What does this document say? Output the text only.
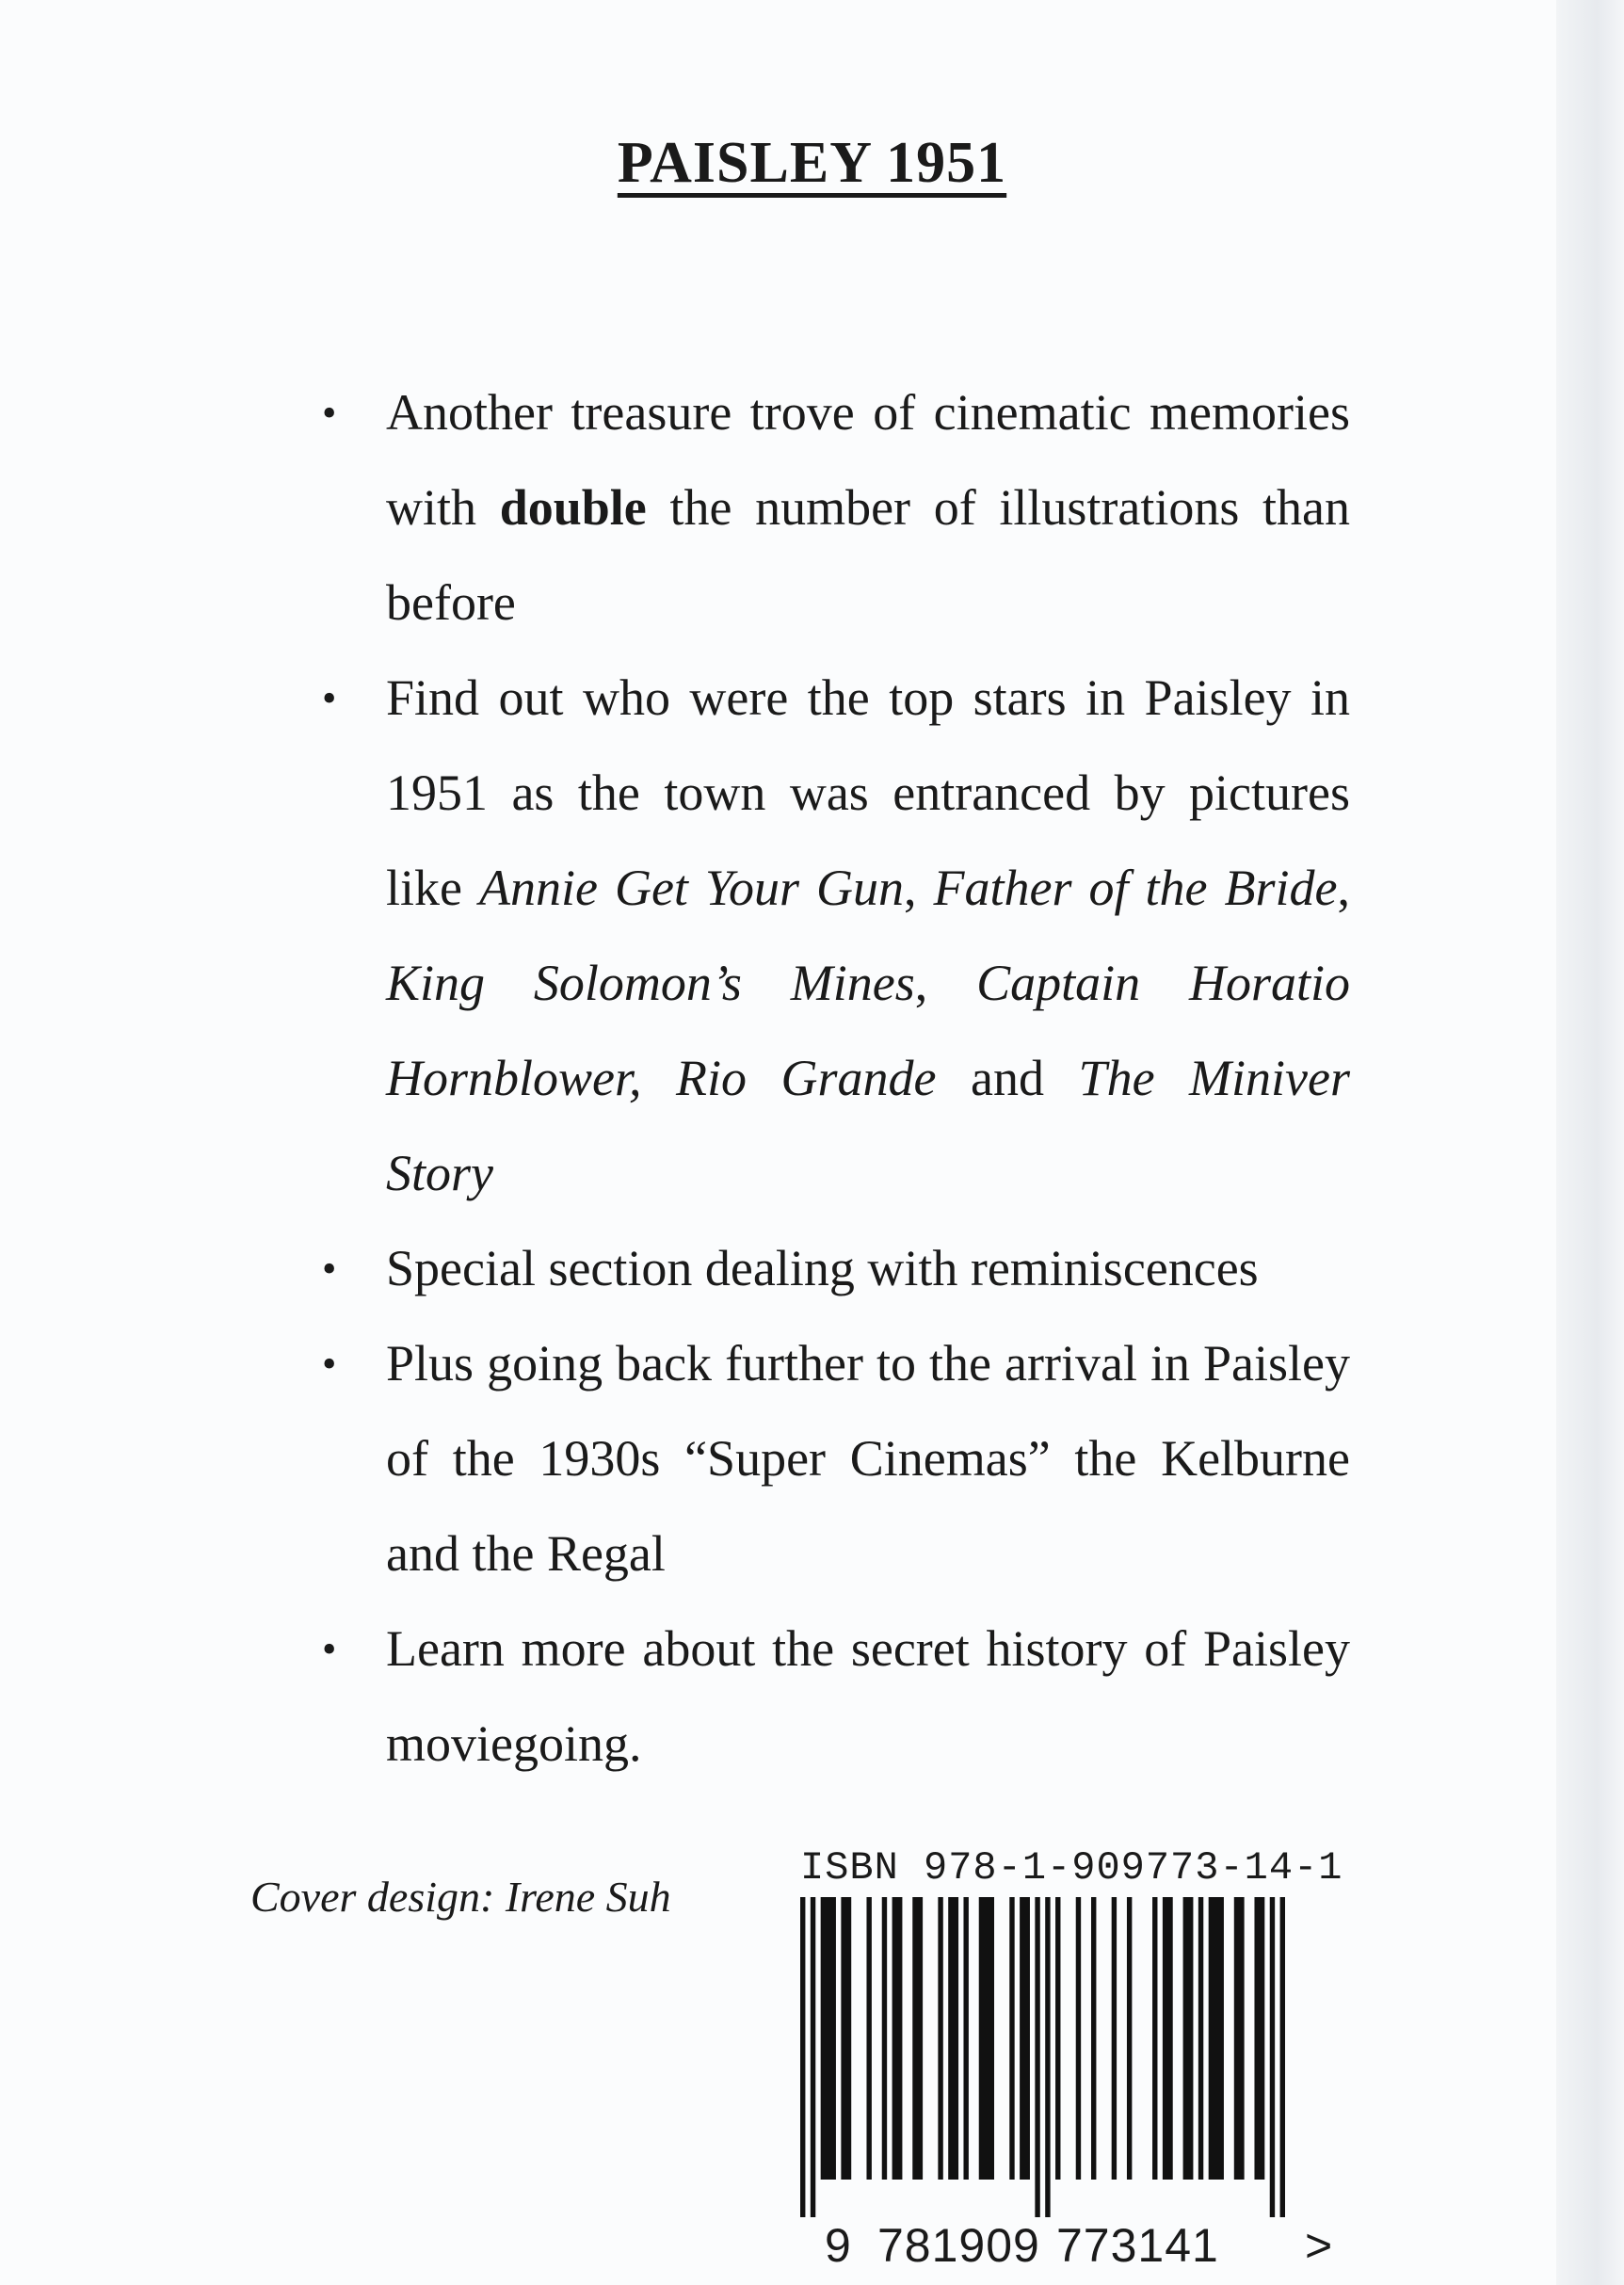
PAISLEY 1951
• Another treasure trove of cinematic memories with double the number of illustrations than before
• Find out who were the top stars in Paisley in 1951 as the town was entranced by pictures like Annie Get Your Gun, Father of the Bride, King Solomon’s Mines, Captain Horatio Hornblower, Rio Grande and The Miniver Story
• Special section dealing with reminiscences
• Plus going back further to the arrival in Paisley of the 1930s “Super Cinemas” the Kelburne and the Regal
• Learn more about the secret history of Paisley moviegoing.
Cover design: Irene Suh
ISBN 978-1-909773-14-1
9 781909 773141 >
